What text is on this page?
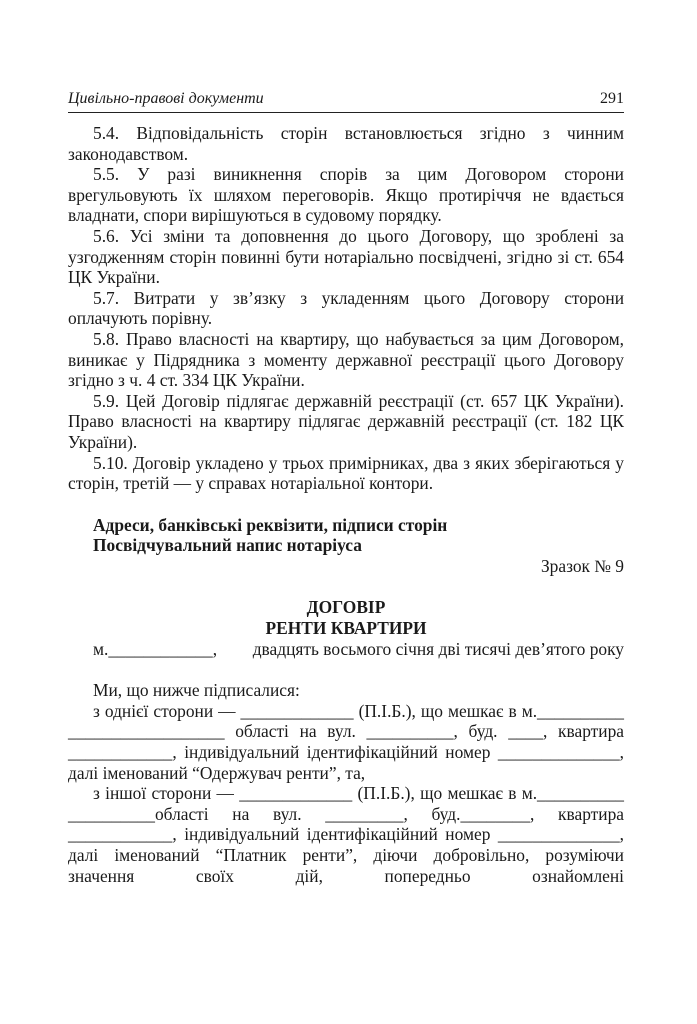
Цивільно-правові документи	291

5.4. Відповідальність сторін встановлюється згідно з чинним законодавством.

5.5. У разі виникнення спорів за цим Договором сторони врегульовують їх шляхом переговорів. Якщо протиріччя не вдається владнати, спори вирішуються в судовому порядку.

5.6. Усі зміни та доповнення до цього Договору, що зроблені за узгодженням сторін повинні бути нотаріально посвідчені, згідно зі ст. 654 ЦК України.

5.7. Витрати у зв’язку з укладенням цього Договору сторони оплачують порівну.

5.8. Право власності на квартиру, що набувається за цим Договором, виникає у Підрядника з моменту державної реєстрації цього Договору згідно з ч. 4 ст. 334 ЦК України.

5.9. Цей Договір підлягає державній реєстрації (ст. 657 ЦК України). Право власності на квартиру підлягає державній реєстрації (ст. 182 ЦК України).

5.10. Договір укладено у трьох примірниках, два з яких зберігаються у сторін, третій — у справах нотаріальної контори.

Адреси, банківські реквізити, підписи сторін

Посвідчувальний напис нотаріуса

Зразок № 9

ДОГОВІР

РЕНТИ КВАРТИРИ

м.____________, двадцять восьмого січня дві тисячі дев’ятого року

Ми, що нижче підписалися:

з однієї сторони — _____________ (П.І.Б.), що мешкає в м.__________ __________________ області на вул. __________, буд. ____, квартира ____________, індивідуальний ідентифікаційний номер ______________, далі іменований “Одержувач ренти”, та,

з іншої сторони — _____________ (П.І.Б.), що мешкає в м.__________ __________області на вул. _________, буд.________, квартира ____________, індивідуальний ідентифікаційний номер ______________, далі іменований “Платник ренти”, діючи добровільно, розуміючи значення своїх дій, попередньо ознайомлені
